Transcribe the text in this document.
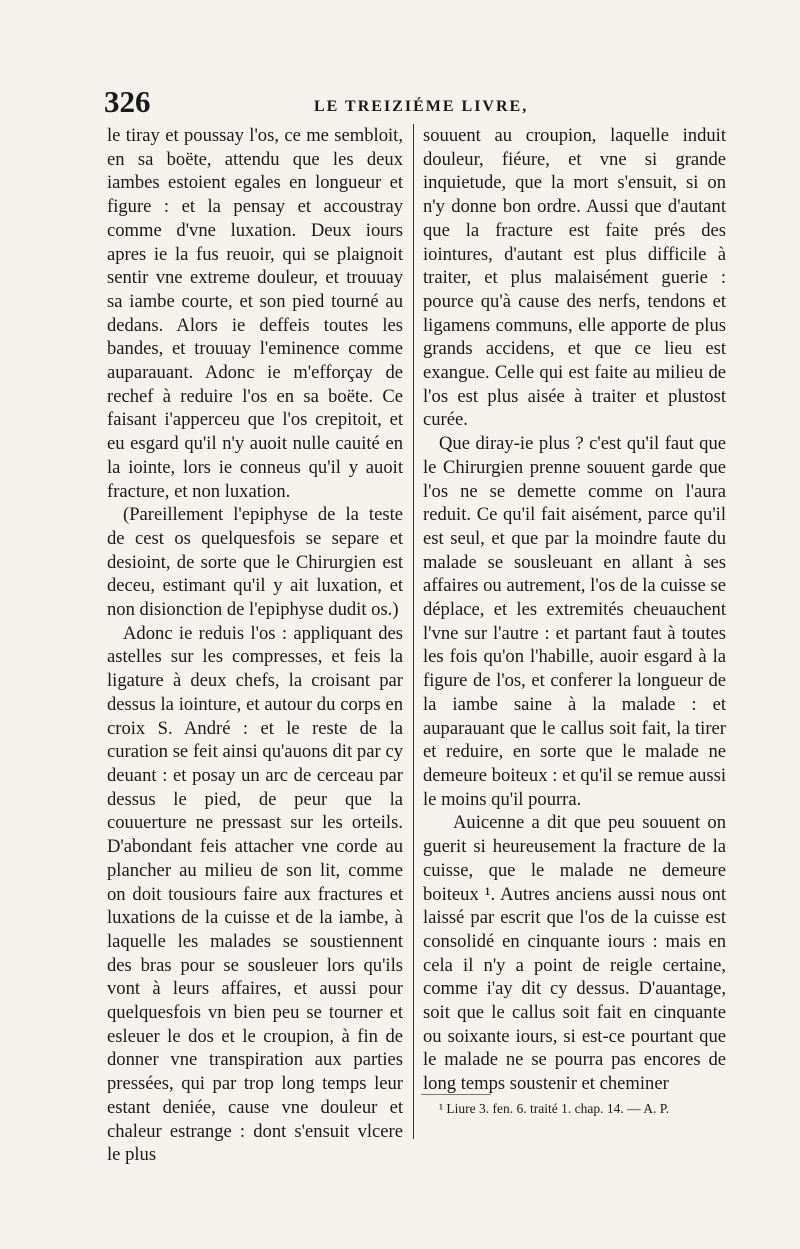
326	LE TREIZIÉME LIVRE,

le tiray et poussay l'os, ce me sembloit, en sa boëte, attendu que les deux iambes estoient egales en longueur et figure : et la pensay et accoustray comme d'vne luxation. Deux iours apres ie la fus reuoir, qui se plaignoit sentir vne extreme douleur, et trouuay sa iambe courte, et son pied tourné au dedans. Alors ie deffeis toutes les bandes, et trouuay l'eminence comme auparauant. Adonc ie m'efforçay de rechef à reduire l'os en sa boëte. Ce faisant i'apperceu que l'os crepitoit, et eu esgard qu'il n'y auoit nulle cauité en la iointe, lors ie conneus qu'il y auoit fracture, et non luxation.

(Pareillement l'epiphyse de la teste de cest os quelquesfois se separe et desioint, de sorte que le Chirurgien est deceu, estimant qu'il y ait luxation, et non disionction de l'epiphyse dudit os.)

Adonc ie reduis l'os : appliquant des astelles sur les compresses, et feis la ligature à deux chefs, la croisant par dessus la iointure, et autour du corps en croix S. André : et le reste de la curation se feit ainsi qu'auons dit par cy deuant : et posay un arc de cerceau par dessus le pied, de peur que la couuerture ne pressast sur les orteils. D'abondant feis attacher vne corde au plancher au milieu de son lit, comme on doit tousiours faire aux fractures et luxations de la cuisse et de la iambe, à laquelle les malades se soustiennent des bras pour se sousleuer lors qu'ils vont à leurs affaires, et aussi pour quelquesfois vn bien peu se tourner et esleuer le dos et le croupion, à fin de donner vne transpiration aux parties pressées, qui par trop long temps leur estant deniée, cause vne douleur et chaleur estrange : dont s'ensuit vlcere le plus

souuent au croupion, laquelle induit douleur, fiéure, et vne si grande inquietude, que la mort s'ensuit, si on n'y donne bon ordre. Aussi que d'autant que la fracture est faite prés des iointures, d'autant est plus difficile à traiter, et plus malaisément guerie : pource qu'à cause des nerfs, tendons et ligamens communs, elle apporte de plus grands accidens, et que ce lieu est exangue. Celle qui est faite au milieu de l'os est plus aisée à traiter et plustost curée.

Que diray-ie plus ? c'est qu'il faut que le Chirurgien prenne souuent garde que l'os ne se demette comme on l'aura reduit. Ce qu'il fait aisément, parce qu'il est seul, et que par la moindre faute du malade se sousleuant en allant à ses affaires ou autrement, l'os de la cuisse se déplace, et les extremités cheuauchent l'vne sur l'autre : et partant faut à toutes les fois qu'on l'habille, auoir esgard à la figure de l'os, et conferer la longueur de la iambe saine à la malade : et auparauant que le callus soit fait, la tirer et reduire, en sorte que le malade ne demeure boiteux : et qu'il se remue aussi le moins qu'il pourra.

Auicenne a dit que peu souuent on guerit si heureusement la fracture de la cuisse, que le malade ne demeure boiteux ¹. Autres anciens aussi nous ont laissé par escrit que l'os de la cuisse est consolidé en cinquante iours : mais en cela il n'y a point de reigle certaine, comme i'ay dit cy dessus. D'auantage, soit que le callus soit fait en cinquante ou soixante iours, si est-ce pourtant que le malade ne se pourra pas encores de long temps soustenir et cheminer

¹ Liure 3. fen. 6. traité 1. chap. 14. — A. P.
